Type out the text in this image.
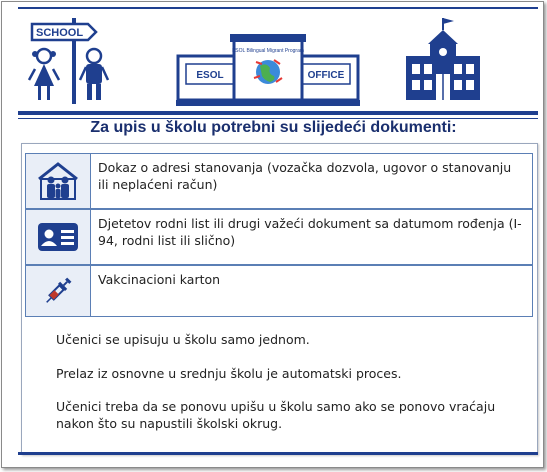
SCHOOL
ESOL	OFFICE
ESOL Bilingual Migrant Program
Za upis u školu potrebni su slijedeći dokumenti:
Dokaz o adresi stanovanja (vozačka dozvola, ugovor o stanovanju ili neplaćeni račun)
Djetetov rodni list ili drugi važeći dokument sa datumom rođenja (I-94, rodni list ili slično)
Vakcinacioni karton
Učenici se upisuju u školu samo jednom.
Prelaz iz osnovne u srednju školu je automatski proces.
Učenici treba da se ponovu upišu u školu samo ako se ponovo vraćaju nakon što su napustili školski okrug.
